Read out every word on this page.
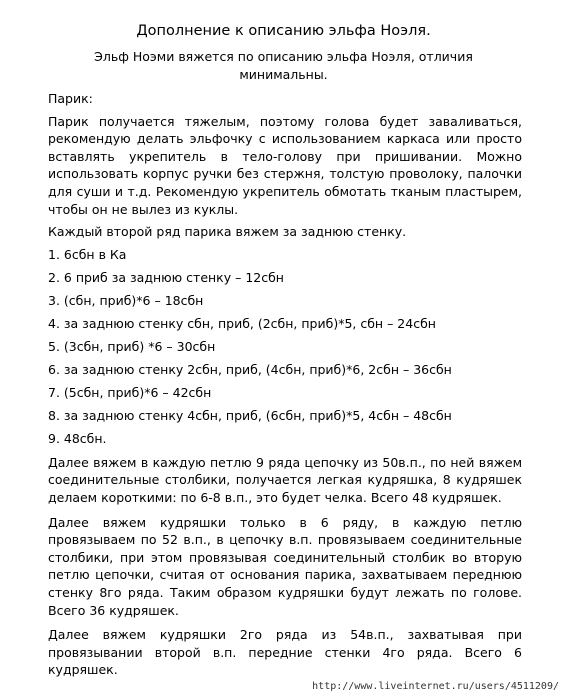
Дополнение к описанию эльфа Ноэля.

Эльф Ноэми вяжется по описанию эльфа Ноэля, отличия минимальны.

Парик:

Парик получается тяжелым, поэтому голова будет заваливаться, рекомендую делать эльфочку с использованием каркаса или просто вставлять укрепитель в тело-голову при пришивании. Можно использовать корпус ручки без стержня, толстую проволоку, палочки для суши и т.д. Рекомендую укрепитель обмотать тканым пластырем, чтобы он не вылез из куклы.

Каждый второй ряд парика вяжем за заднюю стенку.

1. 6сбн в Ка

2. 6 приб за заднюю стенку – 12сбн

3. (сбн, приб)*6 – 18сбн

4. за заднюю стенку сбн, приб, (2сбн, приб)*5, сбн – 24сбн

5. (3сбн, приб) *6 – 30сбн

6. за заднюю стенку 2сбн, приб, (4сбн, приб)*6, 2сбн – 36сбн

7. (5сбн, приб)*6 – 42сбн

8. за заднюю стенку 4сбн, приб, (6сбн, приб)*5, 4сбн – 48сбн

9. 48сбн.

Далее вяжем в каждую петлю 9 ряда цепочку из 50в.п., по ней вяжем соединительные столбики, получается легкая кудряшка, 8 кудряшек делаем короткими: по 6-8 в.п., это будет челка. Всего 48 кудряшек.

Далее вяжем кудряшки только в 6 ряду, в каждую петлю провязываем по 52 в.п., в цепочку в.п. провязываем соединительные столбики, при этом провязывая соединительный столбик во вторую петлю цепочки, считая от основания парика, захватываем переднюю стенку 8го ряда. Таким образом кудряшки будут лежать по голове. Всего 36 кудряшек.

Далее вяжем кудряшки 2го ряда из 54в.п., захватывая при провязывании второй в.п. передние стенки 4го ряда. Всего 6 кудряшек.

http://www.liveinternet.ru/users/4511209/
